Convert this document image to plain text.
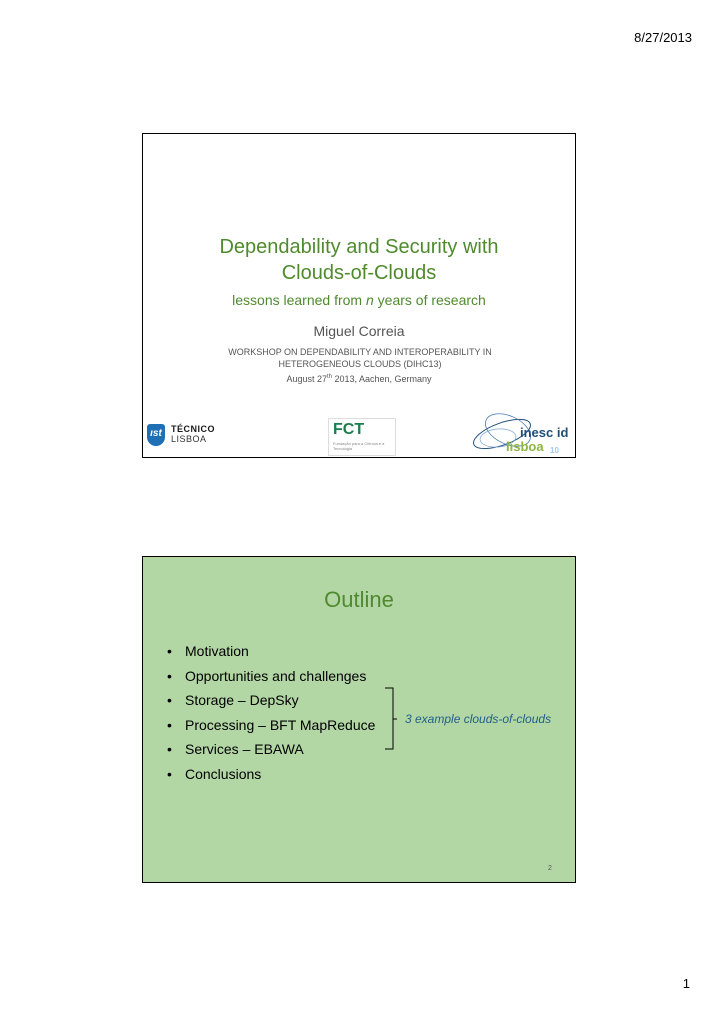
8/27/2013
Dependability and Security with
Clouds-of-Clouds
lessons learned from n years of research
Miguel Correia
WORKSHOP ON DEPENDABILITY AND INTEROPERABILITY IN
HETEROGENEOUS CLOUDS (DIHC13)
August 27th 2013, Aachen, Germany
ıst	TÉCNICO
LISBOA
FCT
Fundação para a Ciência e a Tecnologia
inesc id
lisboa 10
Outline
• Motivation
• Opportunities and challenges
• Storage – DepSky
• Processing – BFT MapReduce
• Services – EBAWA
• Conclusions
3 example clouds-of-clouds
2
1
